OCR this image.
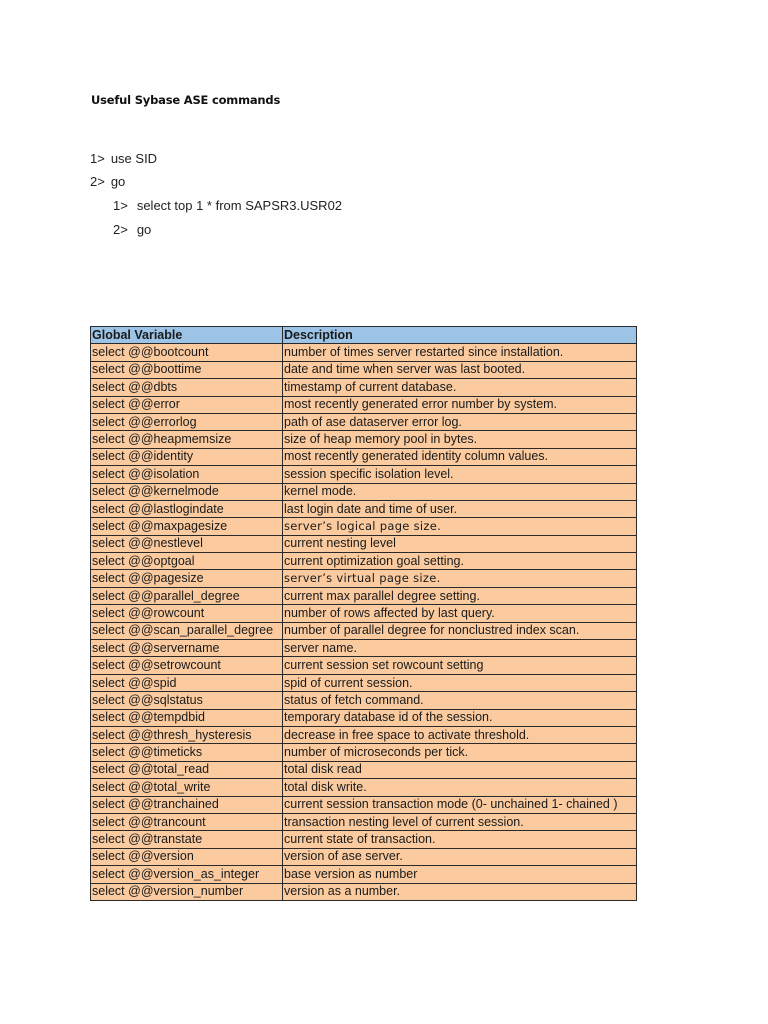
Useful Sybase ASE commands
1> use SID
2> go
1> select top 1 * from SAPSR3.USR02
2> go
Global Variable	Description
select @@bootcount	number of times server restarted since installation.
select @@boottime	date and time when server was last booted.
select @@dbts	timestamp of current database.
select @@error	most recently generated error number by system.
select @@errorlog	path of ase dataserver error log.
select @@heapmemsize	size of heap memory pool in bytes.
select @@identity	most recently generated identity column values.
select @@isolation	session specific isolation level.
select @@kernelmode	kernel mode.
select @@lastlogindate	last login date and time of user.
select @@maxpagesize	server’s logical page size.
select @@nestlevel	current nesting level
select @@optgoal	current optimization goal setting.
select @@pagesize	server’s virtual page size.
select @@parallel_degree	current max parallel degree setting.
select @@rowcount	number of rows affected by last query.
select @@scan_parallel_degree	number of parallel degree for nonclustred index scan.
select @@servername	server name.
select @@setrowcount	current session set rowcount setting
select @@spid	spid of current session.
select @@sqlstatus	status of fetch command.
select @@tempdbid	temporary database id of the session.
select @@thresh_hysteresis	decrease in free space to activate threshold.
select @@timeticks	number of microseconds per tick.
select @@total_read	total disk read
select @@total_write	total disk write.
select @@tranchained	current session transaction mode (0- unchained 1- chained )
select @@trancount	transaction nesting level of current session.
select @@transtate	current state of transaction.
select @@version	version of ase server.
select @@version_as_integer	base version as number
select @@version_number	version as a number.
